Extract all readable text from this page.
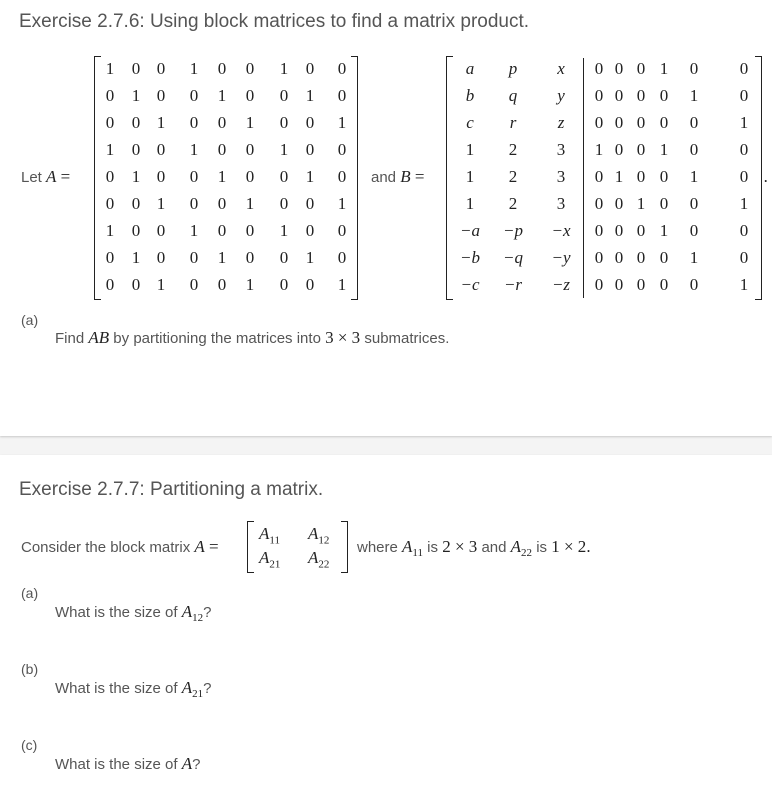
Exercise 2.7.6: Using block matrices to find a matrix product.
Let A =
1	0 0	1	0	0	1	0	0
0	1 0	0	1	0	0	1	0
0	0 1	0	0	1	0	0	1
1	0 0	1	0	0	1	0	0
0	1 0	0	1	0	0	1	0
0	0 1	0	0	1	0	0	1
1	0 0	1	0	0	1	0	0
0	1 0	0	1	0	0	1	0
0	0 1	0	0	1	0	0	1
and B =
a	p	x	0 0 0 1	0	0
b	q	y	0 0 0 0	1	0
c	r	z	0 0 0 0	0	1
1	2	3	1 0 0 1	0	0
1	2	3	0 1 0 0	1	0
1	2	3	0 0 1 0	0	1
−a −p −x	0 0 0 1	0	0
−b −q −y	0 0 0 0	1	0
−c −r −z	0 0 0 0	0	1
.
(a)
Find AB by partitioning the matrices into 3 × 3 submatrices.
Exercise 2.7.7: Partitioning a matrix.
Consider the block matrix A =
$A_{11}$ $A_{12}$
$A_{21}$ $A_{22}$
where $A_{11}$ is 2 × 3 and $A_{22}$ is 1 × 2.
(a)
What is the size of $A_{12}$?
(b)
What is the size of $A_{21}$?
(c)
What is the size of A?
